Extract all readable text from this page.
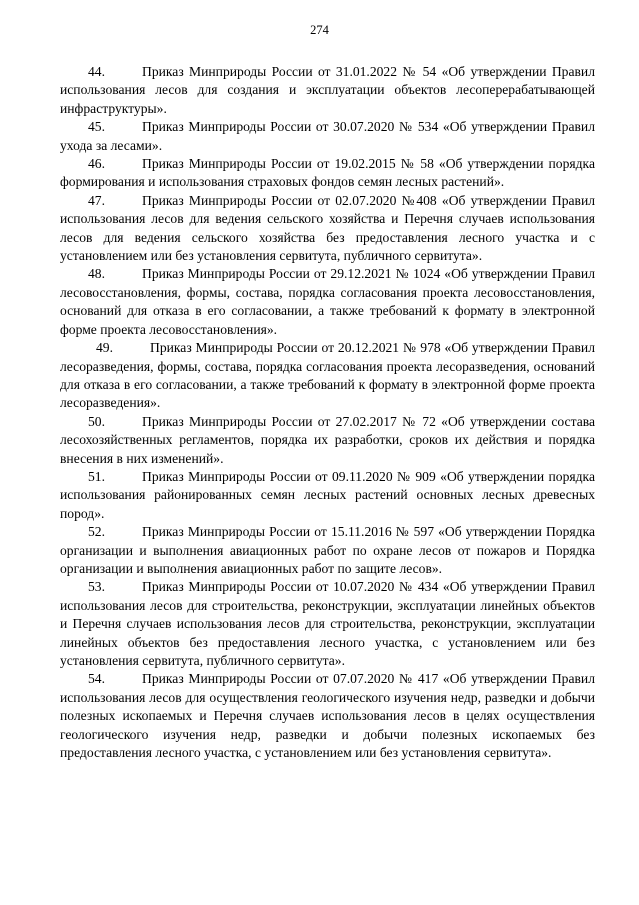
274

44.	Приказ Минприроды России от 31.01.2022 № 54 «Об утверждении Правил использования лесов для создания и эксплуатации объектов лесоперерабатывающей инфраструктуры».

45.	Приказ Минприроды России от 30.07.2020 № 534 «Об утверждении Правил ухода за лесами».

46.	Приказ Минприроды России от 19.02.2015 № 58 «Об утверждении порядка формирования и использования страховых фондов семян лесных растений».

47.	Приказ Минприроды России от 02.07.2020 №408 «Об утверждении Правил использования лесов для ведения сельского хозяйства и Перечня случаев использования лесов для ведения сельского хозяйства без предоставления лесного участка и с установлением или без установления сервитута, публичного сервитута».

48.	Приказ Минприроды России от 29.12.2021 № 1024 «Об утверждении Правил лесовосстановления, формы, состава, порядка согласования проекта лесовосстановления, оснований для отказа в его согласовании, а также требований к формату в электронной форме проекта лесовосстановления».

49.	Приказ Минприроды России от 20.12.2021 № 978 «Об утверждении Правил лесоразведения, формы, состава, порядка согласования проекта лесоразведения, оснований для отказа в его согласовании, а также требований к формату в электронной форме проекта лесоразведения».

50.	Приказ Минприроды России от 27.02.2017 № 72 «Об утверждении состава лесохозяйственных регламентов, порядка их разработки, сроков их действия и порядка внесения в них изменений».

51.	Приказ Минприроды России от 09.11.2020 № 909 «Об утверждении порядка использования районированных семян лесных растений основных лесных древесных пород».

52.	Приказ Минприроды России от 15.11.2016 № 597 «Об утверждении Порядка организации и выполнения авиационных работ по охране лесов от пожаров и Порядка организации и выполнения авиационных работ по защите лесов».

53.	Приказ Минприроды России от 10.07.2020 № 434 «Об утверждении Правил использования лесов для строительства, реконструкции, эксплуатации линейных объектов и Перечня случаев использования лесов для строительства, реконструкции, эксплуатации линейных объектов без предоставления лесного участка, с установлением или без установления сервитута, публичного сервитута».

54.	Приказ Минприроды России от 07.07.2020 № 417 «Об утверждении Правил использования лесов для осуществления геологического изучения недр, разведки и добычи полезных ископаемых и Перечня случаев использования лесов в целях осуществления геологического изучения недр, разведки и добычи полезных ископаемых без предоставления лесного участка, с установлением или без установления сервитута».
